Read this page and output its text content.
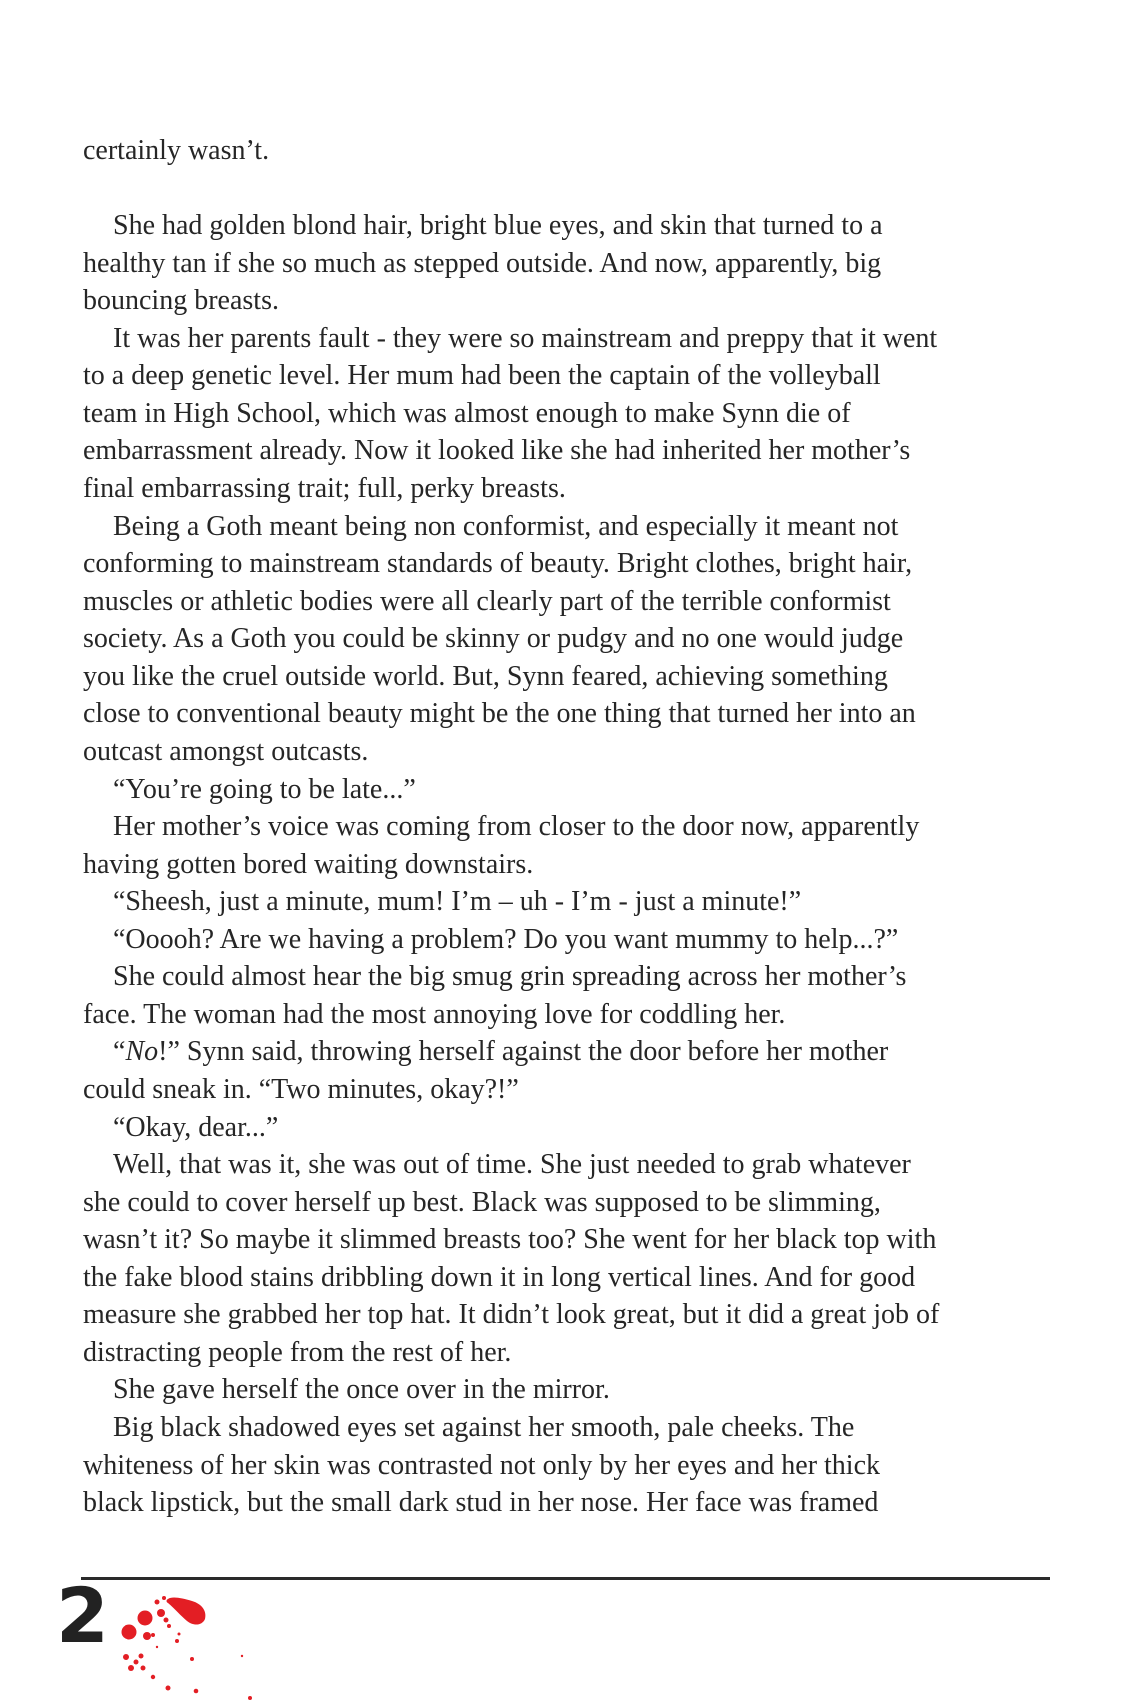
certainly wasn’t.
She had golden blond hair, bright blue eyes, and skin that turned to a
healthy tan if she so much as stepped outside. And now, apparently, big
bouncing breasts.
It was her parents fault - they were so mainstream and preppy that it went
to a deep genetic level. Her mum had been the captain of the volleyball
team in High School, which was almost enough to make Synn die of
embarrassment already. Now it looked like she had inherited her mother’s
final embarrassing trait; full, perky breasts.
Being a Goth meant being non conformist, and especially it meant not
conforming to mainstream standards of beauty. Bright clothes, bright hair,
muscles or athletic bodies were all clearly part of the terrible conformist
society. As a Goth you could be skinny or pudgy and no one would judge
you like the cruel outside world. But, Synn feared, achieving something
close to conventional beauty might be the one thing that turned her into an
outcast amongst outcasts.
“You’re going to be late...”
Her mother’s voice was coming from closer to the door now, apparently
having gotten bored waiting downstairs.
“Sheesh, just a minute, mum! I’m – uh - I’m - just a minute!”
“Ooooh? Are we having a problem? Do you want mummy to help...?”
She could almost hear the big smug grin spreading across her mother’s
face. The woman had the most annoying love for coddling her.
“No!” Synn said, throwing herself against the door before her mother
could sneak in. “Two minutes, okay?!”
“Okay, dear...”
Well, that was it, she was out of time. She just needed to grab whatever
she could to cover herself up best. Black was supposed to be slimming,
wasn’t it? So maybe it slimmed breasts too? She went for her black top with
the fake blood stains dribbling down it in long vertical lines. And for good
measure she grabbed her top hat. It didn’t look great, but it did a great job of
distracting people from the rest of her.
She gave herself the once over in the mirror.
Big black shadowed eyes set against her smooth, pale cheeks. The
whiteness of her skin was contrasted not only by her eyes and her thick
black lipstick, but the small dark stud in her nose. Her face was framed
2
